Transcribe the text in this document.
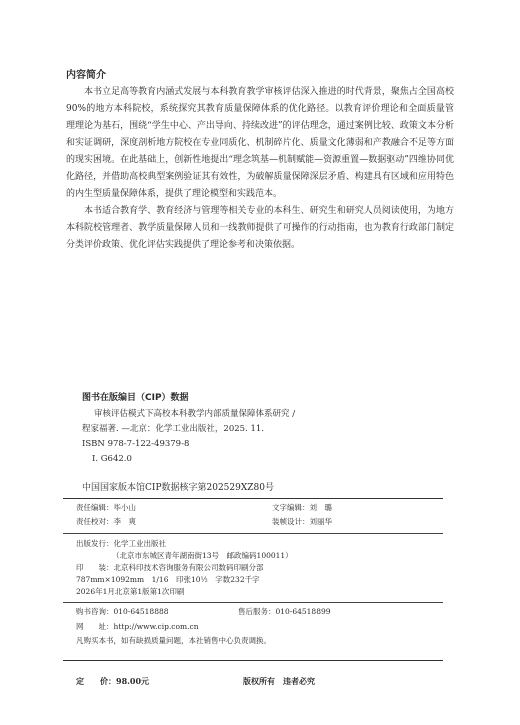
内容简介

本书立足高等教育内涵式发展与本科教育教学审核评估深入推进的时代背景，聚焦占全国高校90%的地方本科院校，系统探究其教育质量保障体系的优化路径。以教育评价理论和全面质量管理理论为基石，围绕“学生中心、产出导向、持续改进”的评估理念，通过案例比较、政策文本分析和实证调研，深度剖析地方院校在专业同质化、机制碎片化、质量文化薄弱和产教融合不足等方面的现实困境。在此基础上，创新性地提出“理念筑基—机制赋能—资源重置—数据驱动”四维协同优化路径，并借助高校典型案例验证其有效性，为破解质量保障深层矛盾、构建具有区域和应用特色的内生型质量保障体系，提供了理论模型和实践范本。

本书适合教育学、教育经济与管理等相关专业的本科生、研究生和研究人员阅读使用，为地方本科院校管理者、教学质量保障人员和一线教师提供了可操作的行动指南，也为教育行政部门制定分类评价政策、优化评估实践提供了理论参考和决策依据。

图书在版编目（CIP）数据
审核评估模式下高校本科教学内部质量保障体系研究 /
程家福著. —北京：化学工业出版社，2025. 11.
ISBN 978-7-122-49379-8
Ⅰ. G642.0
中国国家版本馆CIP数据核字第202529XZ80号
责任编辑：毕小山	文字编辑：刘　璐
责任校对：李　爽	装帧设计：刘丽华
出版发行：化学工业出版社
（北京市东城区青年湖南街13号　邮政编码100011）
印　　装：北京科印技术咨询服务有限公司数码印刷分部
787mm×1092mm　1/16　印张10½　字数232千字
2026年1月北京第1版第1次印刷
购书咨询：010-64518888	售后服务：010-64518899
网　　址：http://www.cip.com.cn
凡购买本书，如有缺损质量问题，本社销售中心负责调换。
定　　价：98.00元	版权所有　违者必究
